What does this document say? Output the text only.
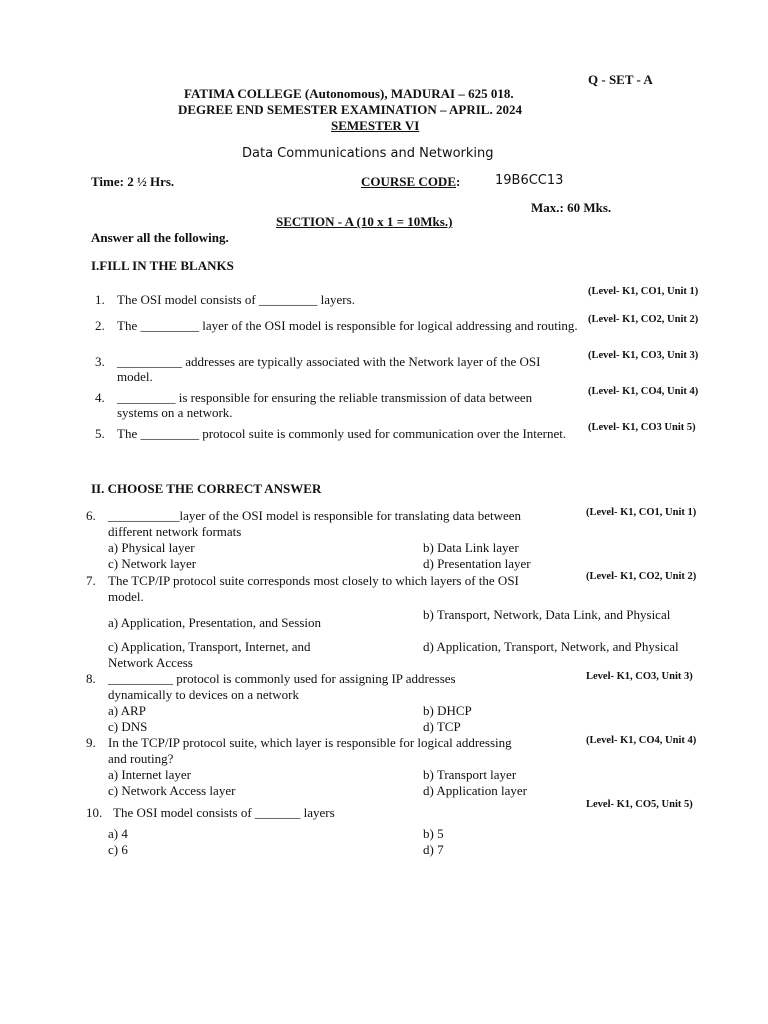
Q - SET - A
FATIMA COLLEGE (Autonomous), MADURAI – 625 018.
DEGREE END SEMESTER EXAMINATION – APRIL. 2024
SEMESTER VI
Data Communications and Networking
Time: 2 ½ Hrs.	COURSE CODE:	19B6CC13
Max.: 60 Mks.
SECTION - A (10 x 1 = 10Mks.)
Answer all the following.
I.FILL IN THE BLANKS
1. The OSI model consists of _________ layers.
(Level- K1, CO1, Unit 1)
2. The _________ layer of the OSI model is responsible for logical addressing and routing. (Level- K1, CO2, Unit 2)
3. __________ addresses are typically associated with the Network layer of the OSI model.
(Level- K1, CO3, Unit 3)
4. _________ is responsible for ensuring the reliable transmission of data between systems on a network.
(Level- K1, CO4, Unit 4)
5. The _________ protocol suite is commonly used for communication over the Internet. (Level- K1, CO3 Unit 5)
II. CHOOSE THE CORRECT ANSWER
6. ___________layer of the OSI model is responsible for translating data between different network formats
(Level- K1, CO1, Unit 1)
a) Physical layer	b) Data Link layer
c) Network layer	d) Presentation layer
7. The TCP/IP protocol suite corresponds most closely to which layers of the OSI model.
(Level- K1, CO2, Unit 2)
a) Application, Presentation, and Session
b) Transport, Network, Data Link, and Physical
c) Application, Transport, Internet, and Network Access
d) Application, Transport, Network, and Physical
8. __________ protocol is commonly used for assigning IP addresses dynamically to devices on a network
Level- K1, CO3, Unit 3)
a) ARP	b) DHCP
c) DNS	d) TCP
9. In the TCP/IP protocol suite, which layer is responsible for logical addressing and routing?
(Level- K1, CO4, Unit 4)
a) Internet layer	b) Transport layer
c) Network Access layer	d) Application layer
10. The OSI model consists of _______ layers
Level- K1, CO5, Unit 5)
a) 4	b) 5
c) 6	d) 7
